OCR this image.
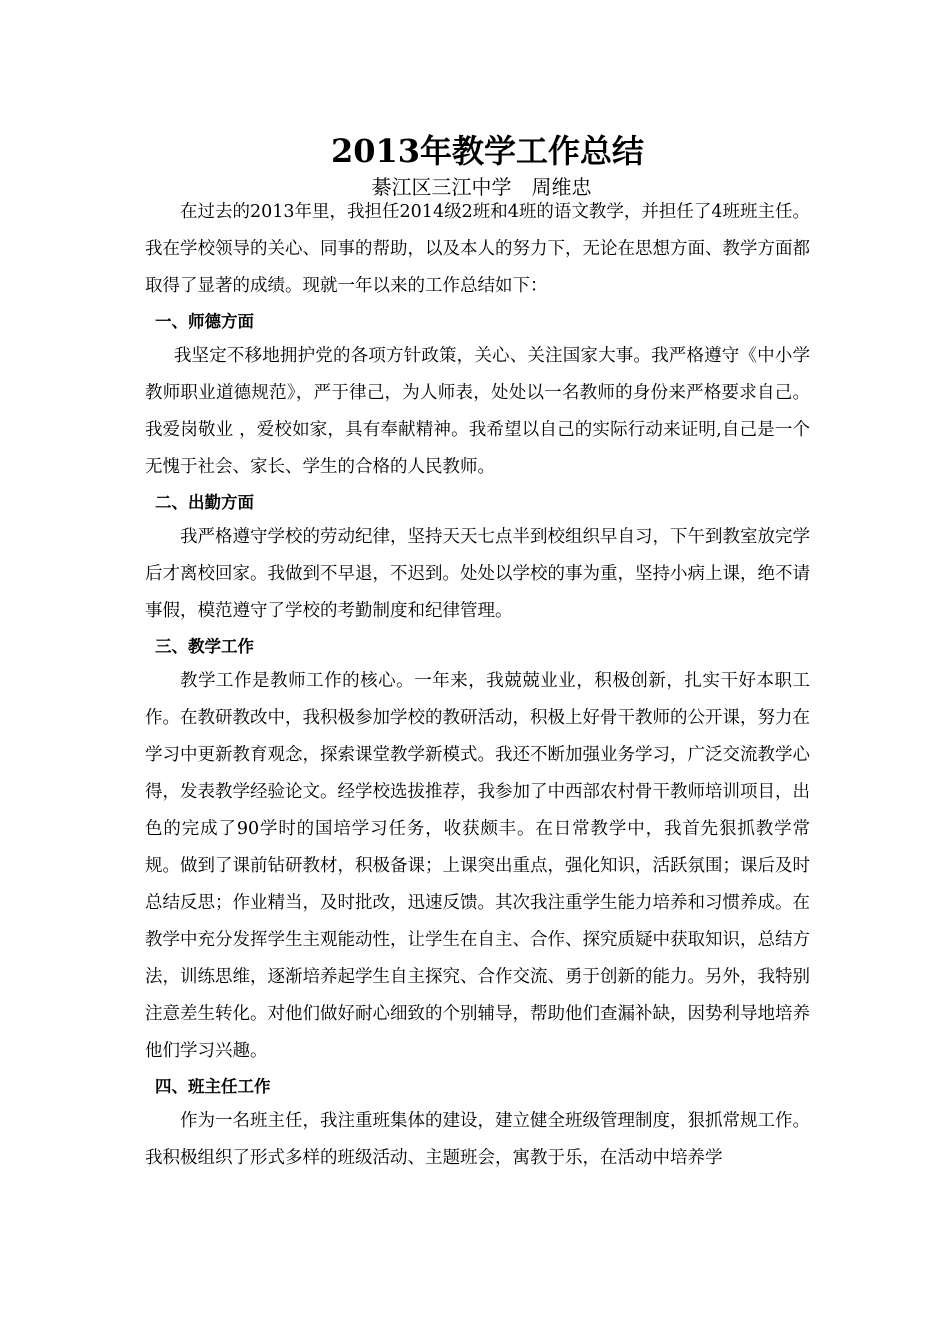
2013年教学工作总结

綦江区三江中学　周维忠

在过去的2013年里，我担任2014级2班和4班的语文教学，并担任了4班班主任。我在学校领导的关心、同事的帮助，以及本人的努力下，无论在思想方面、教学方面都取得了显著的成绩。现就一年以来的工作总结如下：

一、师德方面

我坚定不移地拥护党的各项方针政策，关心、关注国家大事。我严格遵守《中小学教师职业道德规范》，严于律己，为人师表，处处以一名教师的身份来严格要求自己。我爱岗敬业 ，爱校如家，具有奉献精神。我希望以自己的实际行动来证明,自己是一个无愧于社会、家长、学生的合格的人民教师。

二、出勤方面

我严格遵守学校的劳动纪律，坚持天天七点半到校组织早自习，下午到教室放完学后才离校回家。我做到不早退，不迟到。处处以学校的事为重，坚持小病上课，绝不请事假，模范遵守了学校的考勤制度和纪律管理。

三、教学工作

教学工作是教师工作的核心。一年来，我兢兢业业，积极创新，扎实干好本职工作。在教研教改中，我积极参加学校的教研活动，积极上好骨干教师的公开课，努力在学习中更新教育观念，探索课堂教学新模式。我还不断加强业务学习，广泛交流教学心得，发表教学经验论文。经学校选拔推荐，我参加了中西部农村骨干教师培训项目，出色的完成了90学时的国培学习任务，收获颇丰。在日常教学中，我首先狠抓教学常规。做到了课前钻研教材，积极备课；上课突出重点，强化知识，活跃氛围；课后及时总结反思；作业精当，及时批改，迅速反馈。其次我注重学生能力培养和习惯养成。在教学中充分发挥学生主观能动性，让学生在自主、合作、探究质疑中获取知识，总结方法，训练思维，逐渐培养起学生自主探究、合作交流、勇于创新的能力。另外，我特别注意差生转化。对他们做好耐心细致的个别辅导，帮助他们查漏补缺，因势利导地培养他们学习兴趣。

四、班主任工作

作为一名班主任，我注重班集体的建设，建立健全班级管理制度，狠抓常规工作。我积极组织了形式多样的班级活动、主题班会，寓教于乐，在活动中培养学
